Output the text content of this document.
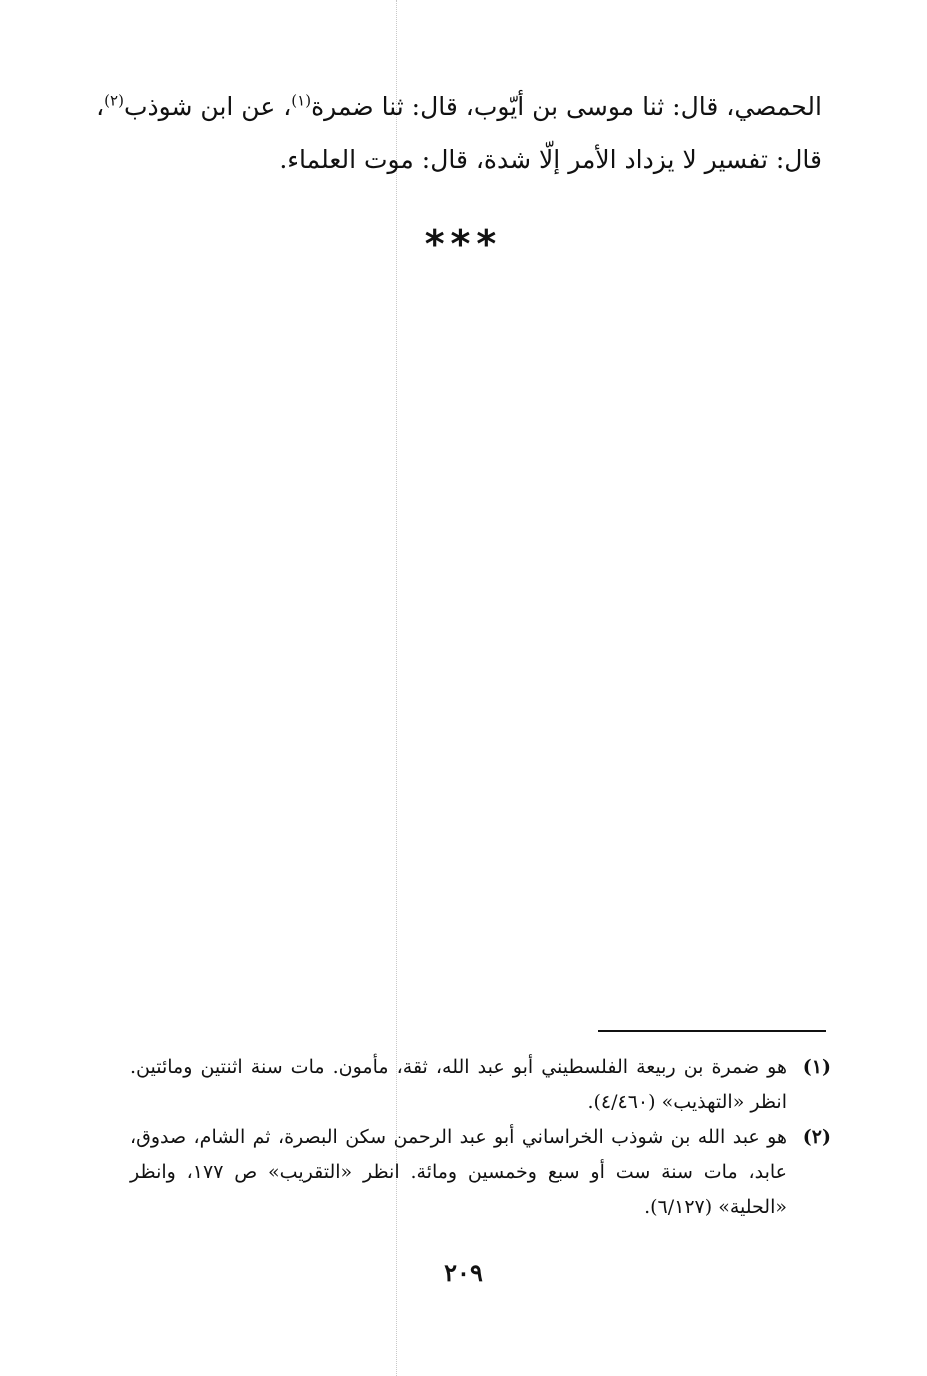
الحمصي، قال: ثنا موسى بن أيّوب، قال: ثنا ضمرة$^{(١)}$، عن ابن شوذب$^{(٢)}$،
قال: تفسير لا يزداد الأمر إلّا شدة، قال: موت العلماء.
***
(١)
هو ضمرة بن ربيعة الفلسطيني أبو عبد الله، ثقة، مأمون. مات سنة اثنتين ومائتين.
انظر «التهذيب» (٤/٤٦٠).
(٢)
هو عبد الله بن شوذب الخراساني أبو عبد الرحمن سكن البصرة، ثم الشام، صدوق،
عابد، مات سنة ست أو سبع وخمسين ومائة. انظر «التقريب» ص ١٧٧، وانظر
«الحلية» (٦/١٢٧).
٢٠٩
